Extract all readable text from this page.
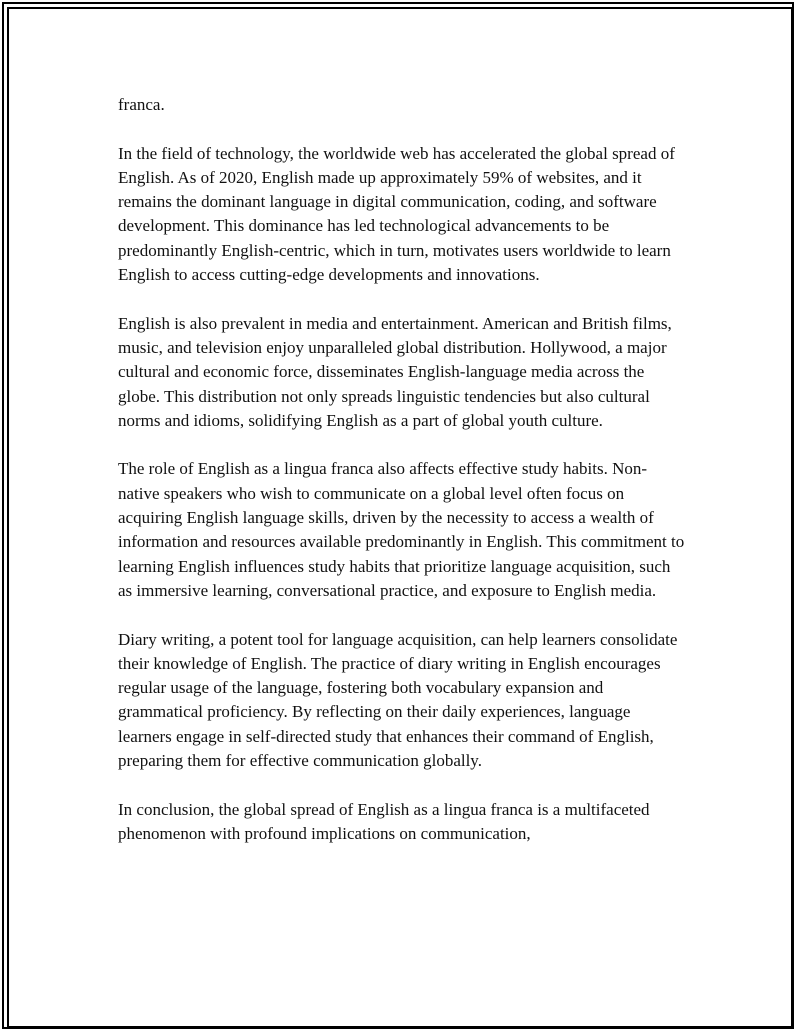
franca.

In the field of technology, the worldwide web has accelerated the global spread of English. As of 2020, English made up approximately 59% of websites, and it remains the dominant language in digital communication, coding, and software development. This dominance has led technological advancements to be predominantly English-centric, which in turn, motivates users worldwide to learn English to access cutting-edge developments and innovations.

English is also prevalent in media and entertainment. American and British films, music, and television enjoy unparalleled global distribution. Hollywood, a major cultural and economic force, disseminates English-language media across the globe. This distribution not only spreads linguistic tendencies but also cultural norms and idioms, solidifying English as a part of global youth culture.

The role of English as a lingua franca also affects effective study habits. Non-native speakers who wish to communicate on a global level often focus on acquiring English language skills, driven by the necessity to access a wealth of information and resources available predominantly in English. This commitment to learning English influences study habits that prioritize language acquisition, such as immersive learning, conversational practice, and exposure to English media.

Diary writing, a potent tool for language acquisition, can help learners consolidate their knowledge of English. The practice of diary writing in English encourages regular usage of the language, fostering both vocabulary expansion and grammatical proficiency. By reflecting on their daily experiences, language learners engage in self-directed study that enhances their command of English, preparing them for effective communication globally.

In conclusion, the global spread of English as a lingua franca is a multifaceted phenomenon with profound implications on communication,
